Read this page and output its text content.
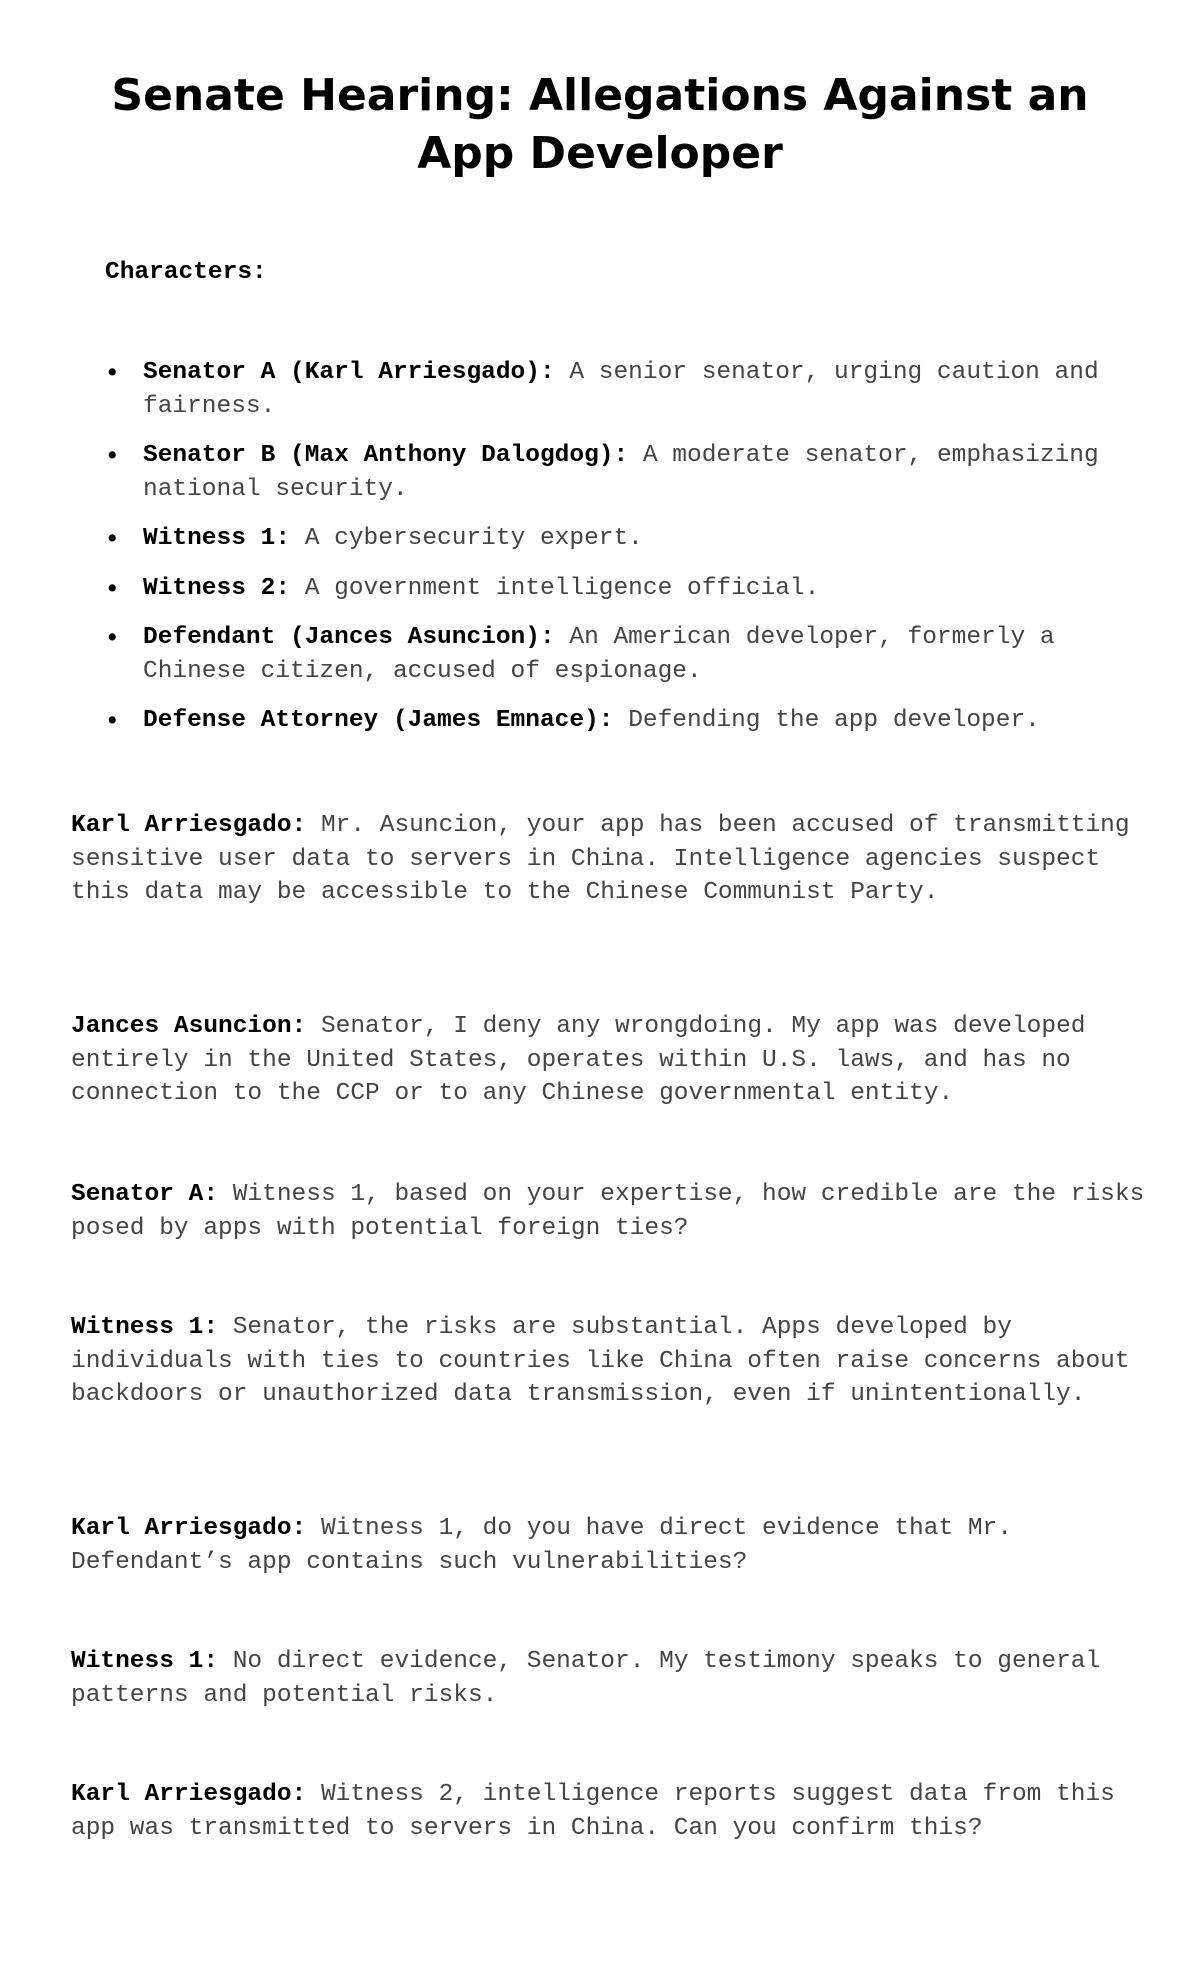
Senate Hearing: Allegations Against an App Developer

Characters:

• Senator A (Karl Arriesgado): A senior senator, urging caution and fairness.
• Senator B (Max Anthony Dalogdog): A moderate senator, emphasizing national security.
• Witness 1: A cybersecurity expert.
• Witness 2: A government intelligence official.
• Defendant (Jances Asuncion): An American developer, formerly a Chinese citizen, accused of espionage.
• Defense Attorney (James Emnace): Defending the app developer.

Karl Arriesgado: Mr. Asuncion, your app has been accused of transmitting sensitive user data to servers in China. Intelligence agencies suspect this data may be accessible to the Chinese Communist Party.

Jances Asuncion: Senator, I deny any wrongdoing. My app was developed entirely in the United States, operates within U.S. laws, and has no connection to the CCP or to any Chinese governmental entity.

Senator A: Witness 1, based on your expertise, how credible are the risks posed by apps with potential foreign ties?

Witness 1: Senator, the risks are substantial. Apps developed by individuals with ties to countries like China often raise concerns about backdoors or unauthorized data transmission, even if unintentionally.

Karl Arriesgado: Witness 1, do you have direct evidence that Mr. Defendant’s app contains such vulnerabilities?

Witness 1: No direct evidence, Senator. My testimony speaks to general patterns and potential risks.

Karl Arriesgado: Witness 2, intelligence reports suggest data from this app was transmitted to servers in China. Can you confirm this?
